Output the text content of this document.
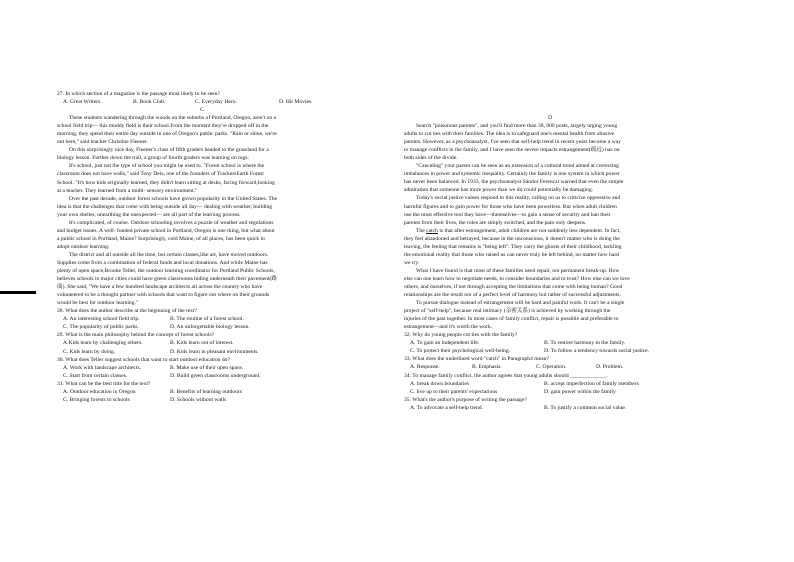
27. In which section of a magazine is the passage most likely to be seen?
A. Great Writers.	B. Book Club.	C. Everyday Hero.	D. Hit Movies.
C
These students wandering through the woods on the suburbs of Portland, Oregon, aren't on a
school field trip— this muddy field is their school.From the moment they're dropped off in the
morning, they spend their entire day outside in one of Oregon's public parks. "Rain or shine, we're
out here," said teacher Christine Fleener.
On this surprisingly nice day, Fleener's class of fifth graders headed to the grassland for a
biology lesson. Further down the trail, a group of fourth graders was learning on logs.
It's school, just not the type of school you might be used to. "Forest school is where the
classroom does not have walls," said Tony Deis, one of the founders of TrackersEarth Forest
School. "It's how kids originally learned, they didn't learn sitting at desks, facing forward,looking
at a teacher. They learned from a multi- sensory environment."
Over the past decade, outdoor forest schools have grown popularity in the United States. The
idea is that the challenges that come with being outside all day— dealing with weather, building
your own shelter, unearthing the unexpected— are all part of the learning process.
It's complicated, of course. Outdoor schooling involves a puzzle of weather and regulations
and budget issues. A well- funded private school in Portland, Oregon is one thing, but what about
a public school in Portland, Maine? Surprisingly, cold Maine, of all places, has been quick to
adopt outdoor learning.
The district and all outside all the time, but certain classes,like art, have moved outdoors.
Supplies come from a combination of federal funds and local donations. And while Maine has
plenty of open space,Brooke Teller, the outdoor learning coordinator for Portland Public Schools,
believes schools in major cities could have green classrooms hiding underneath their pavement(路
面). She said, "We have a few hundred landscape architects all across the country who have
volunteered to be a thought partner with schools that want to figure out where on their grounds
would be best for outdoor learning."
28. What does the author describe at the beginning of the text?
A. An interesting school field trip.	B. The routine of a forest school.
C. The popularity of public parks.	D. An unforgettable biology lesson.
29. What is the main philosophy behind the concept of forest schools?
A.Kids learn by challenging others.	B. Kids learn out of interest.
C. Kids learn by doing.	D. Kids learn in pleasant environments.
30. What does Teller suggest schools that want to start outdoor education do?
A. Work with landscape architects.	B. Make use of their open space.
C. Start from certain classes.	D. Build green classrooms underground.
31. What can be the best title for the text?
A. Outdoor education in Oregon	B. Benefits of learning outdoors
C. Bringing forests to schools	D. Schools without walls
D
Search "poisonous parents", and you'll find more than 38, 000 posts, largely urging young
adults to cut ties with their families. The idea is to safeguard one's mental health from abusive
parents. However, as a psychoanalyst, I've seen that self-help trend in recent years become a way
to manage conflicts in the family, and I have seen the severe impacts estrangement(疏远) has on
both sides of the divide.
"Canceling" your parent can be seen as an extension of a cultural trend aimed at correcting
imbalances in power and systemic inequality. Certainly the family is one system in which power
has never been balanced. In 1933, the psychoanalyst Sándor Ferenczi warned that even the simple
admiration that someone has more power than we do could potentially be damaging.
Today's social justice values respond to this reality, calling on us to criticize oppressive and
harmful figures and to gain power for those who have been powerless. But when adult children
use the most effective tool they have—themselves—to gain a sense of security and ban their
parents from their lives, the roles are simply switched, and the pain only deepens.
The catch is that after estrangement, adult children are not suddenly less dependent. In fact,
they feel abandoned and betrayed, because in the unconscious, it doesn't matter who is doing the
leaving, the feeling that remains is "being left". They carry the ghosts of their childhood, tackling
the emotional reality that those who raised us can never truly be left behind, no matter how hard
we try.
What I have found is that most of these families need repair, not permanent break-up. How
else can one learn how to negotiate needs, to consider boundaries and to trust? How else can we love
others, and ourselves, if not through accepting the limitations that come with being human? Good
relationships are the result not of a perfect level of harmony but rather of successful adjustments.
To pursue dialogue instead of estrangement will be hard and painful work. It can't be a single
project of "self-help", because real intimacy (亲密关系) is achieved by working through the
injuries of the past together. In most cases of family conflict, repair is possible and preferable to
estrangement—and it's worth the work.
32. Why do young people cut ties with the family?
A. To gain an independent life.	B. To restore harmony in the family.
C. To protect their psychological well-being.	D. To follow a tendency towards social justice.
33. What does the underlined word "catch" in Paragraph4 mean?
A. Response.	B. Emphasis.	C. Operation.	D. Problem.
34. To manage family conflict, the author agrees that young adults should _____________.
A. break down boundaries	B. accept imperfection of family members
C. live up to their parents' expectations	D. gain power within the family
35. What's the author's purpose of writing the passage?
A. To advocate a self-help trend.	B. To justify a common social value.
